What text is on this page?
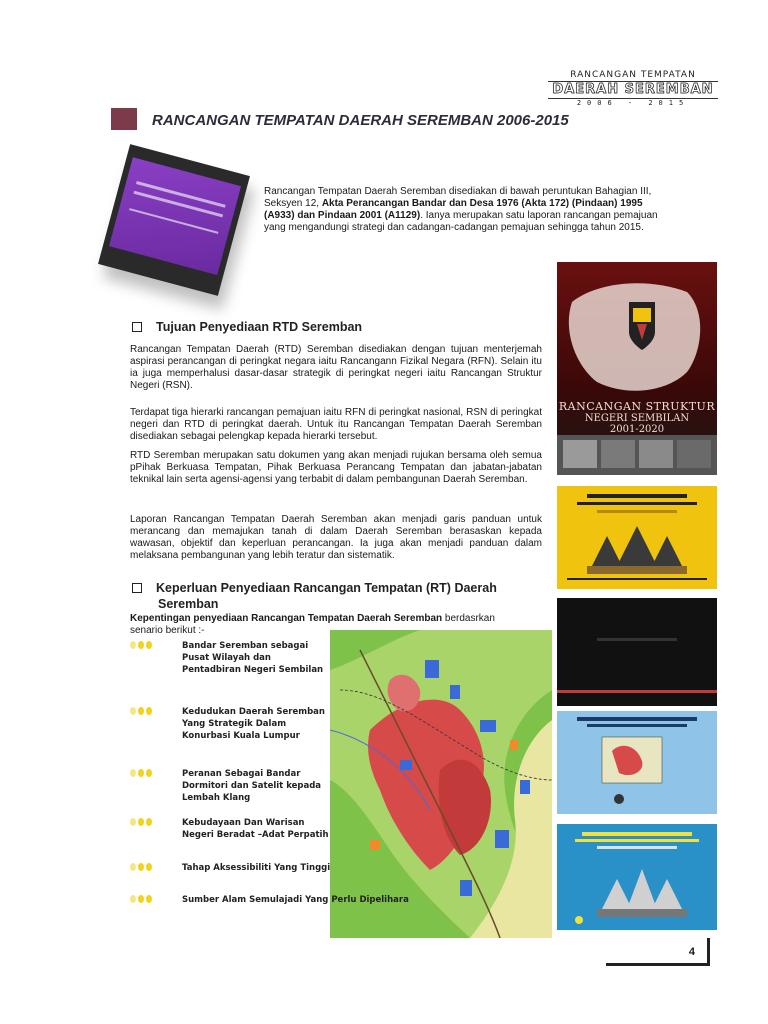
RANCANGAN TEMPATAN
DAERAH SEREMBAN
2006 - 2015
RANCANGAN TEMPATAN DAERAH SEREMBAN 2006-2015

Rancangan Tempatan Daerah Seremban disediakan di bawah peruntukan Bahagian III, Seksyen 12, Akta Perancangan Bandar dan Desa 1976 (Akta 172) (Pindaan) 1995 (A933) dan Pindaan 2001 (A1129). Ianya merupakan satu laporan rancangan pemajuan yang mengandungi strategi dan cadangan-cadangan pemajuan sehingga tahun 2015.

Tujuan Penyediaan RTD Seremban

Rancangan Tempatan Daerah (RTD) Seremban disediakan dengan tujuan menterjemah aspirasi perancangan di peringkat negara iaitu Rancangann Fizikal Negara (RFN). Selain itu ia juga memperhalusi dasar-dasar strategik di peringkat negeri iaitu Rancangan Struktur Negeri (RSN).

Terdapat tiga hierarki rancangan pemajuan iaitu RFN di peringkat nasional, RSN di peringkat negeri dan RTD di peringkat daerah. Untuk itu Rancangan Tempatan Daerah Seremban disediakan sebagai pelengkap kepada hierarki tersebut.

RTD Seremban merupakan satu dokumen yang akan menjadi rujukan bersama oleh semua pPihak Berkuasa Tempatan, Pihak Berkuasa Perancang Tempatan dan jabatan-jabatan teknikal lain serta agensi-agensi yang terbabit di dalam pembangunan Daerah Seremban.

Laporan Rancangan Tempatan Daerah Seremban akan menjadi garis panduan untuk merancang dan memajukan tanah di dalam Daerah Seremban berasaskan kepada wawasan, objektif dan keperluan perancangan. Ia juga akan menjadi panduan dalam melaksana pembangunan yang lebih teratur dan sistematik.

Keperluan Penyediaan Rancangan Tempatan (RT) Daerah
Seremban

Kepentingan penyediaan Rancangan Tempatan Daerah Seremban berdasrkan senario berikut :-

Bandar Seremban sebagai Pusat Wilayah dan Pentadbiran Negeri Sembilan
Kedudukan Daerah Seremban Yang Strategik Dalam Konurbasi Kuala Lumpur
Peranan Sebagai Bandar Dormitori dan Satelit kepada Lembah Klang
Kebudayaan Dan Warisan Negeri Beradat –Adat Perpatih
Tahap Aksessibiliti Yang Tinggi
Sumber Alam Semulajadi Yang Perlu Dipelihara
RANCANGAN STRUKTUR
NEGERI SEMBILAN
2001-2020
4
